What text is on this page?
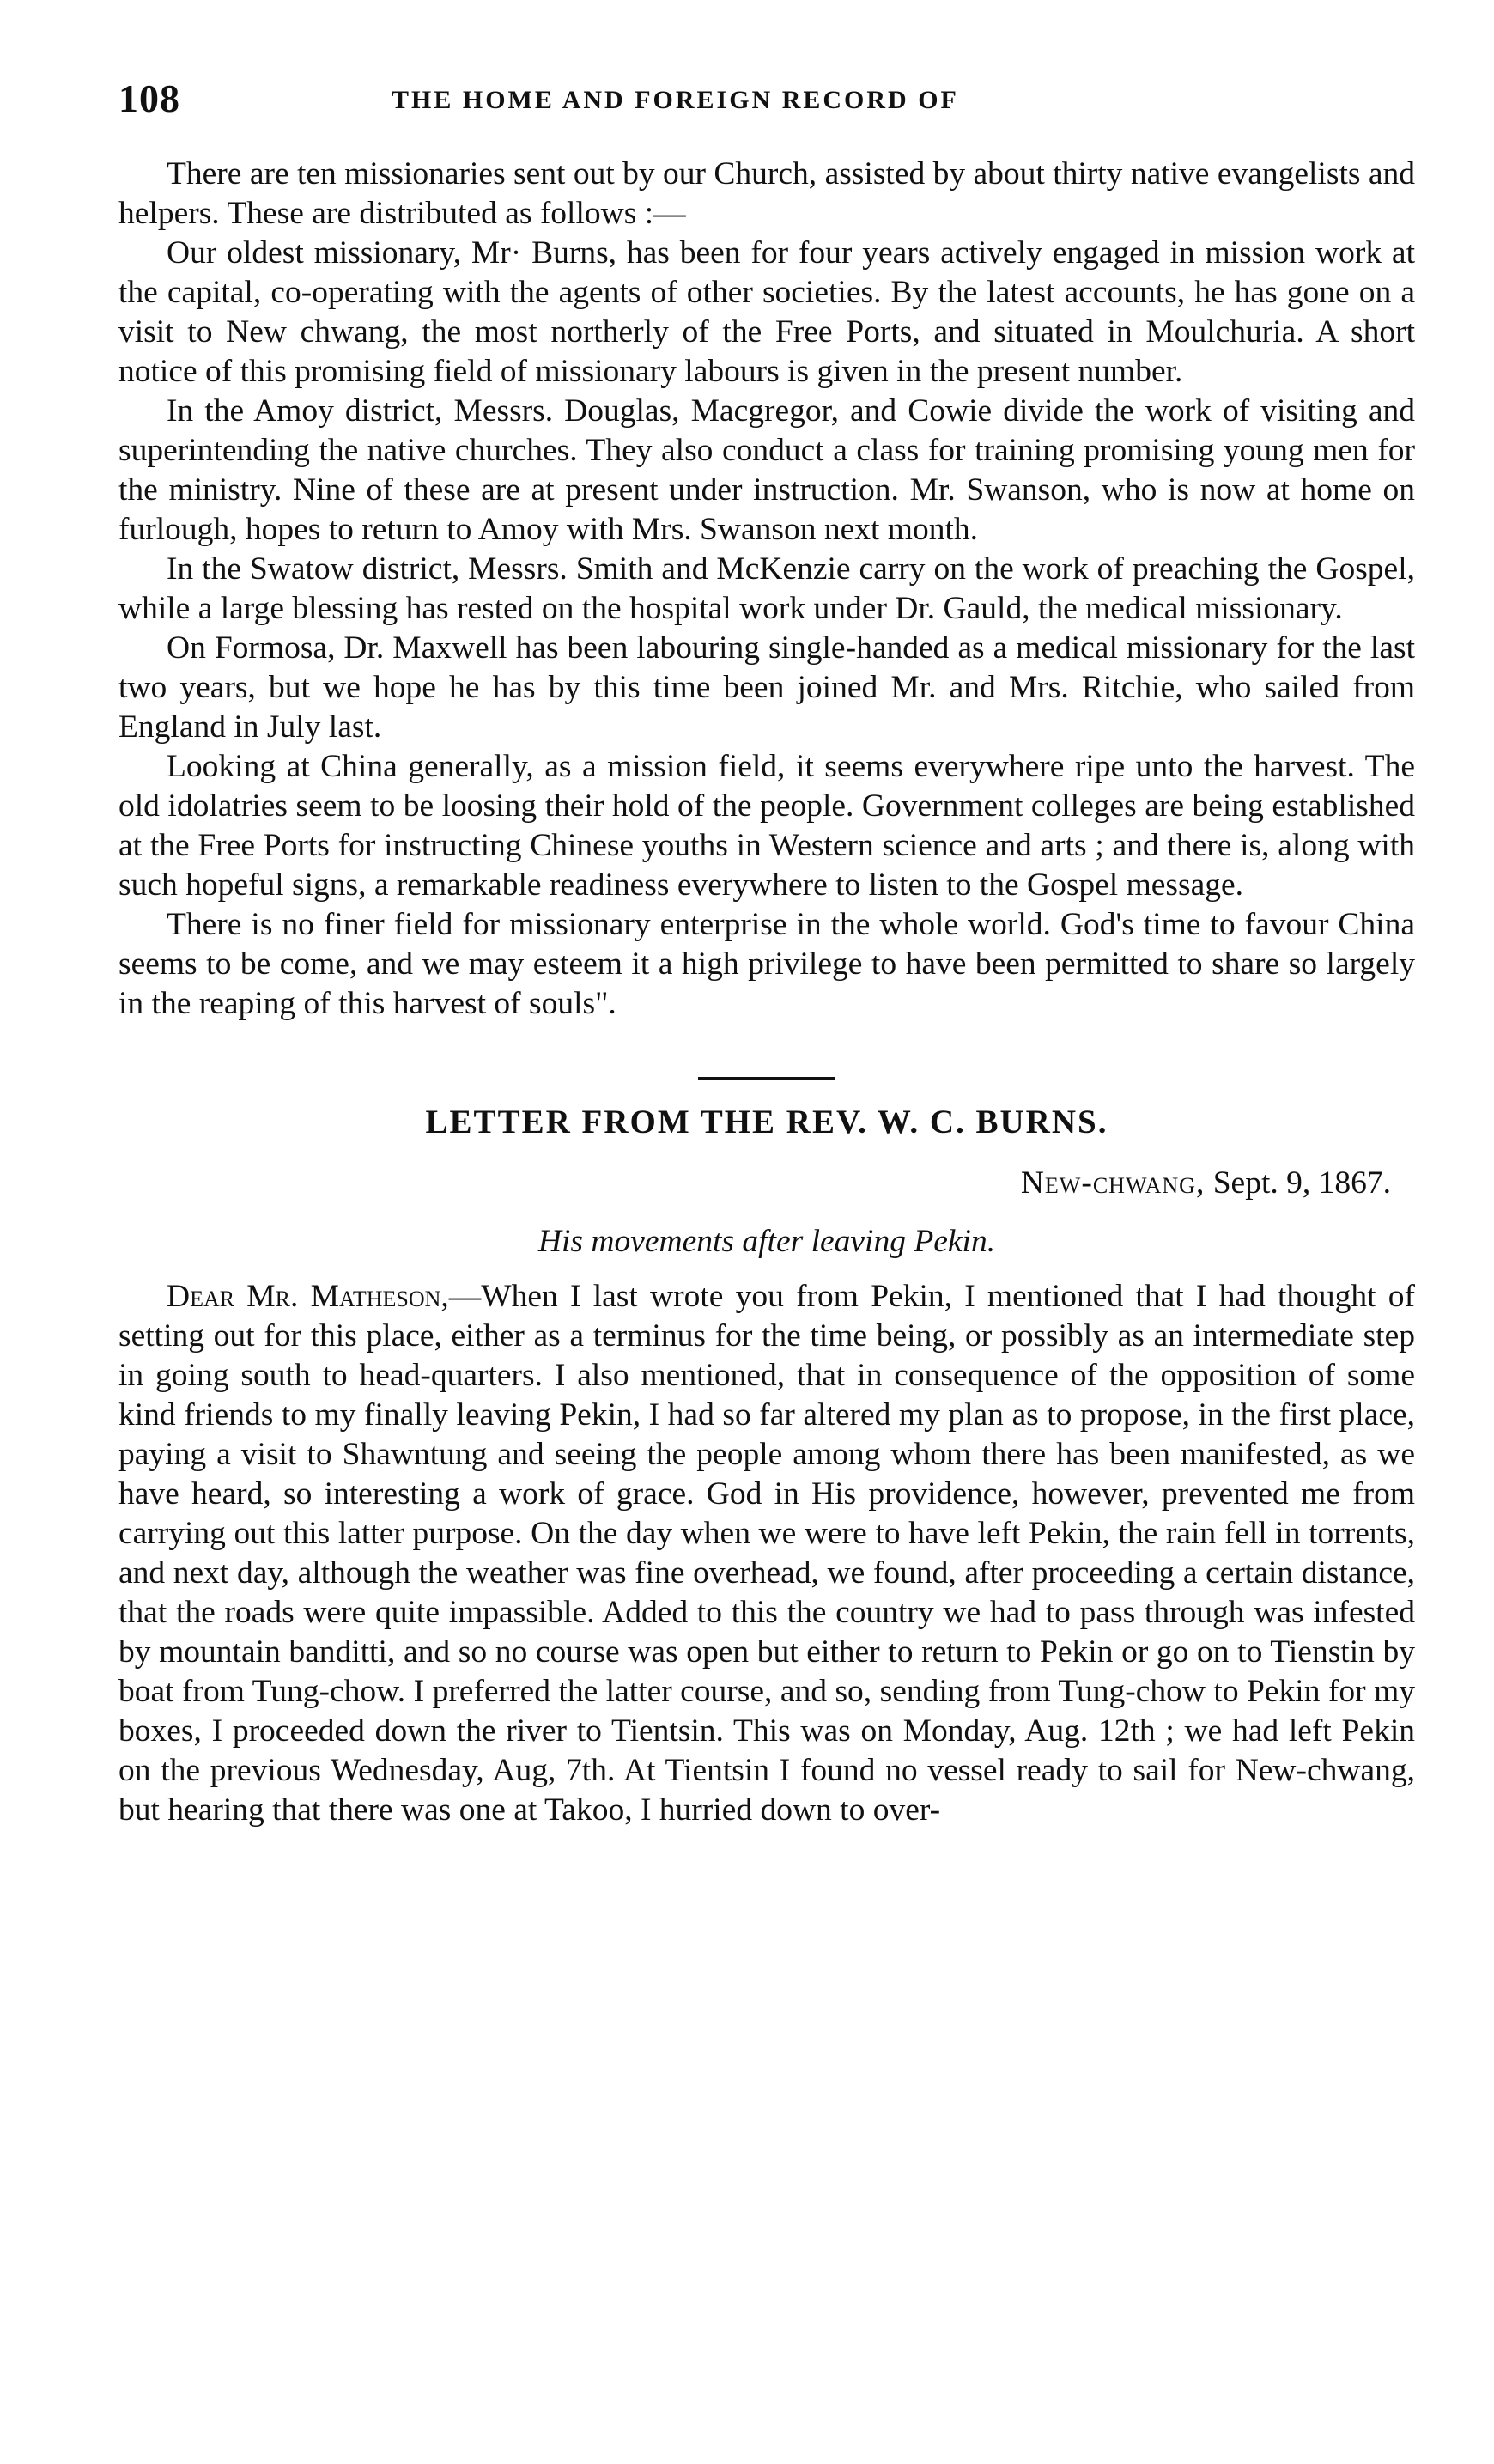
108	THE HOME AND FOREIGN RECORD OF

There are ten missionaries sent out by our Church, assisted by about thirty native evangelists and helpers. These are distributed as follows :—

Our oldest missionary, Mr· Burns, has been for four years actively engaged in mission work at the capital, co-operating with the agents of other societies. By the latest accounts, he has gone on a visit to New chwang, the most northerly of the Free Ports, and situated in Moulchuria. A short notice of this promising field of missionary labours is given in the present number.

In the Amoy district, Messrs. Douglas, Macgregor, and Cowie divide the work of visiting and superintending the native churches. They also conduct a class for training promising young men for the ministry. Nine of these are at present under instruction. Mr. Swanson, who is now at home on furlough, hopes to return to Amoy with Mrs. Swanson next month.

In the Swatow district, Messrs. Smith and McKenzie carry on the work of preaching the Gospel, while a large blessing has rested on the hospital work under Dr. Gauld, the medical missionary.

On Formosa, Dr. Maxwell has been labouring single-handed as a medical missionary for the last two years, but we hope he has by this time been joined Mr. and Mrs. Ritchie, who sailed from England in July last.

Looking at China generally, as a mission field, it seems everywhere ripe unto the harvest. The old idolatries seem to be loosing their hold of the people. Government colleges are being established at the Free Ports for instructing Chinese youths in Western science and arts ; and there is, along with such hopeful signs, a remarkable readiness everywhere to listen to the Gospel message.

There is no finer field for missionary enterprise in the whole world. God's time to favour China seems to be come, and we may esteem it a high privilege to have been permitted to share so largely in the reaping of this harvest of souls".

LETTER FROM THE REV. W. C. BURNS.
New-chwang, Sept. 9, 1867.
His movements after leaving Pekin.

Dear Mr. Matheson,—When I last wrote you from Pekin, I mentioned that I had thought of setting out for this place, either as a terminus for the time being, or possibly as an intermediate step in going south to head-quarters. I also mentioned, that in consequence of the opposition of some kind friends to my finally leaving Pekin, I had so far altered my plan as to propose, in the first place, paying a visit to Shawntung and seeing the people among whom there has been manifested, as we have heard, so interesting a work of grace. God in His providence, however, prevented me from carrying out this latter purpose. On the day when we were to have left Pekin, the rain fell in torrents, and next day, although the weather was fine overhead, we found, after proceeding a certain distance, that the roads were quite impassible. Added to this the country we had to pass through was infested by mountain banditti, and so no course was open but either to return to Pekin or go on to Tienstin by boat from Tung-chow. I preferred the latter course, and so, sending from Tung-chow to Pekin for my boxes, I proceeded down the river to Tientsin. This was on Monday, Aug. 12th ; we had left Pekin on the previous Wednesday, Aug, 7th. At Tientsin I found no vessel ready to sail for New-chwang, but hearing that there was one at Takoo, I hurried down to over-
